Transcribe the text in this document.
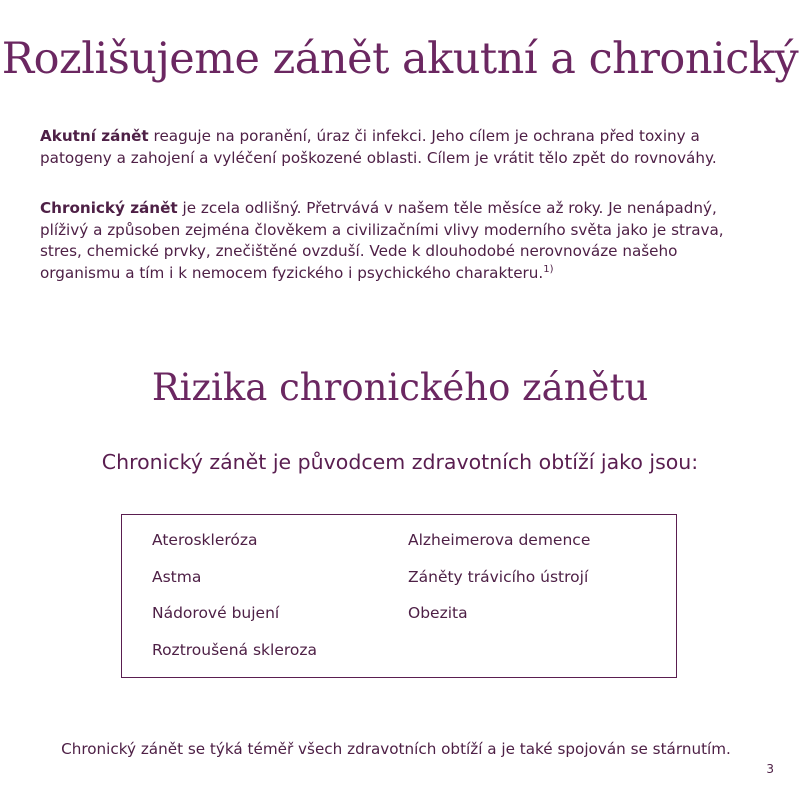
Rozlišujeme zánět akutní a chronický

Akutní zánět reaguje na poranění, úraz či infekci. Jeho cílem je ochrana před toxiny a patogeny a zahojení a vyléčení poškozené oblasti. Cílem je vrátit tělo zpět do rovnováhy.

Chronický zánět je zcela odlišný. Přetrvává v našem těle měsíce až roky. Je nenápadný, plíživý a způsoben zejména člověkem a civilizačními vlivy moderního světa jako je strava, stres, chemické prvky, znečištěné ovzduší. Vede k dlouhodobé nerovnováze našeho organismu a tím i k nemocem fyzického i psychického charakteru.$^{1)}$

Rizika chronického zánětu

Chronický zánět je původcem zdravotních obtíží jako jsou:

Ateroskleróza
Astma
Nádorové bujení
Roztroušená skleroza
Alzheimerova demence
Záněty trávicího ústrojí
Obezita

Chronický zánět se týká téměř všech zdravotních obtíží a je také spojován se stárnutím.

3
